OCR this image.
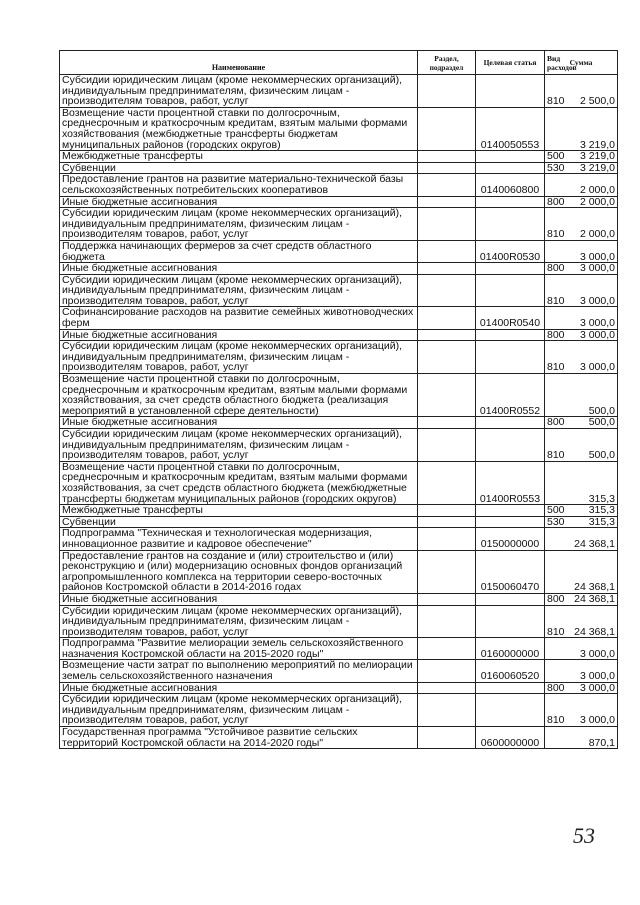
Наименование	Раздел, подраздел	Целевая статья	Вид расходов	Сумма
Субсидии юридическим лицам (кроме некоммерческих организаций), индивидуальным предпринимателям, физическим лицам - производителям товаров, работ, услуг			810	2 500,0
Возмещение части процентной ставки по долгосрочным, среднесрочным и краткосрочным кредитам, взятым малыми формами хозяйствования (межбюджетные трансферты бюджетам муниципальных районов (городских округов)		0140050553		3 219,0
Межбюджетные трансферты			500	3 219,0
Субвенции			530	3 219,0
Предоставление грантов на развитие материально-технической базы сельскохозяйственных потребительских кооперативов		0140060800		2 000,0
Иные бюджетные ассигнования			800	2 000,0
Субсидии юридическим лицам (кроме некоммерческих организаций), индивидуальным предпринимателям, физическим лицам - производителям товаров, работ, услуг			810	2 000,0
Поддержка начинающих фермеров за счет средств областного бюджета		01400R0530		3 000,0
Иные бюджетные ассигнования			800	3 000,0
Субсидии юридическим лицам (кроме некоммерческих организаций), индивидуальным предпринимателям, физическим лицам - производителям товаров, работ, услуг			810	3 000,0
Софинансирование расходов на развитие семейных животноводческих ферм		01400R0540		3 000,0
Иные бюджетные ассигнования			800	3 000,0
Субсидии юридическим лицам (кроме некоммерческих организаций), индивидуальным предпринимателям, физическим лицам - производителям товаров, работ, услуг			810	3 000,0
Возмещение части процентной ставки по долгосрочным, среднесрочным и краткосрочным кредитам, взятым малыми формами хозяйствования, за счет средств областного бюджета (реализация мероприятий в установленной сфере деятельности)		01400R0552		500,0
Иные бюджетные ассигнования			800	500,0
Субсидии юридическим лицам (кроме некоммерческих организаций), индивидуальным предпринимателям, физическим лицам - производителям товаров, работ, услуг			810	500,0
Возмещение части процентной ставки по долгосрочным, среднесрочным и краткосрочным кредитам, взятым малыми формами хозяйствования, за счет средств областного бюджета (межбюджетные трансферты бюджетам муниципальных районов (городских округов)		01400R0553		315,3
Межбюджетные трансферты			500	315,3
Субвенции			530	315,3
Подпрограмма "Техническая и технологическая модернизация, инновационное развитие и кадровое обеспечение"		0150000000		24 368,1
Предоставление грантов на создание и (или) строительство и (или) реконструкцию и (или) модернизацию основных фондов организаций агропромышленного комплекса на территории северо-восточных районов Костромской области в 2014-2016 годах		0150060470		24 368,1
Иные бюджетные ассигнования			800	24 368,1
Субсидии юридическим лицам (кроме некоммерческих организаций), индивидуальным предпринимателям, физическим лицам - производителям товаров, работ, услуг			810	24 368,1
Подпрограмма "Развитие мелиорации земель сельскохозяйственного назначения Костромской области на 2015-2020 годы"		0160000000		3 000,0
Возмещение части затрат по выполнению мероприятий по мелиорации земель сельскохозяйственного назначения		0160060520		3 000,0
Иные бюджетные ассигнования			800	3 000,0
Субсидии юридическим лицам (кроме некоммерческих организаций), индивидуальным предпринимателям, физическим лицам - производителям товаров, работ, услуг			810	3 000,0
Государственная программа "Устойчивое развитие сельских территорий Костромской области на 2014-2020 годы"		0600000000		870,1
53
